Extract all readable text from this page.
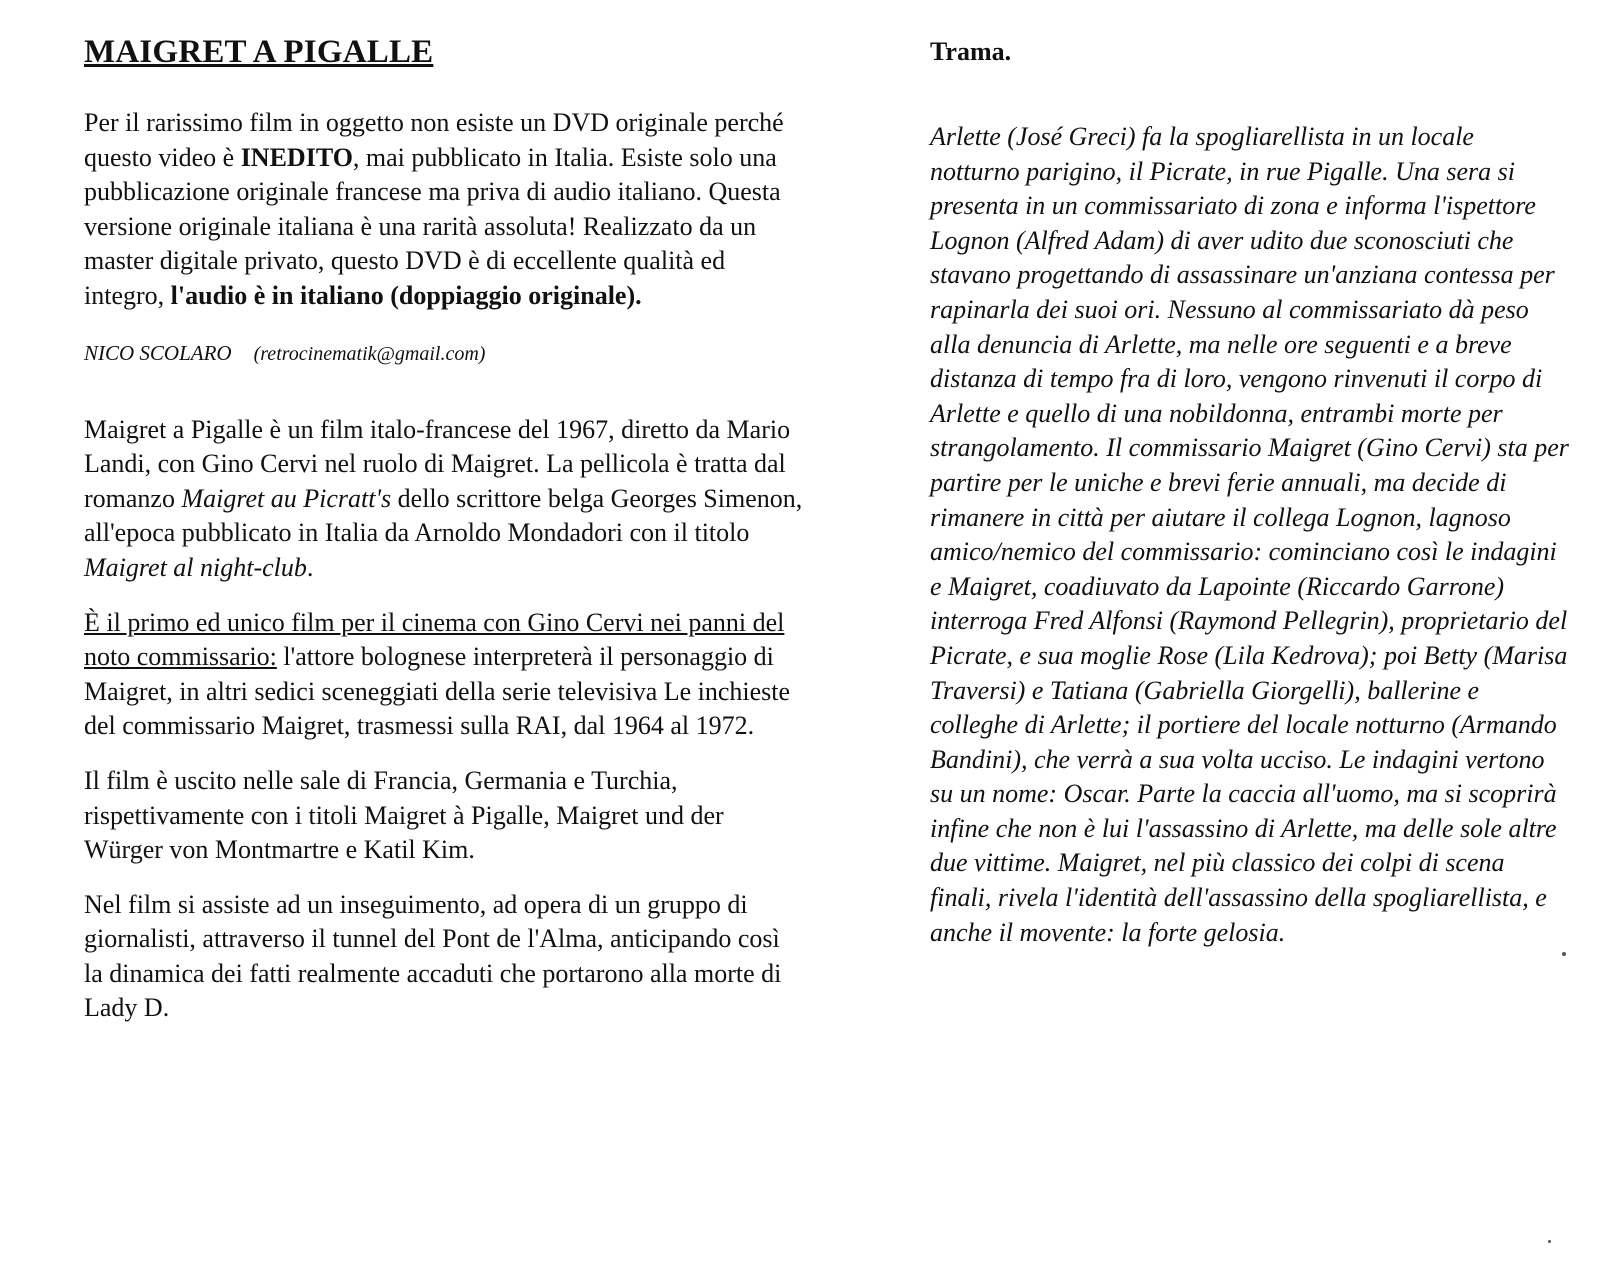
MAIGRET A PIGALLE

Per il rarissimo film in oggetto non esiste un DVD originale perché questo video è INEDITO, mai pubblicato in Italia. Esiste solo una pubblicazione originale francese ma priva di audio italiano. Questa versione originale italiana è una rarità assoluta! Realizzato da un master digitale privato, questo DVD è di eccellente qualità ed integro, l'audio è in italiano (doppiaggio originale).

NICO SCOLARO (retrocinematik@gmail.com)

Maigret a Pigalle è un film italo-francese del 1967, diretto da Mario Landi, con Gino Cervi nel ruolo di Maigret. La pellicola è tratta dal romanzo Maigret au Picratt's dello scrittore belga Georges Simenon, all'epoca pubblicato in Italia da Arnoldo Mondadori con il titolo Maigret al night-club.

È il primo ed unico film per il cinema con Gino Cervi nei panni del noto commissario: l'attore bolognese interpreterà il personaggio di Maigret, in altri sedici sceneggiati della serie televisiva Le inchieste del commissario Maigret, trasmessi sulla RAI, dal 1964 al 1972.

Il film è uscito nelle sale di Francia, Germania e Turchia, rispettivamente con i titoli Maigret à Pigalle, Maigret und der Würger von Montmartre e Katil Kim.

Nel film si assiste ad un inseguimento, ad opera di un gruppo di giornalisti, attraverso il tunnel del Pont de l'Alma, anticipando così la dinamica dei fatti realmente accaduti che portarono alla morte di Lady D.

Trama.

Arlette (José Greci) fa la spogliarellista in un locale notturno parigino, il Picrate, in rue Pigalle. Una sera si presenta in un commissariato di zona e informa l'ispettore Lognon (Alfred Adam) di aver udito due sconosciuti che stavano progettando di assassinare un'anziana contessa per rapinarla dei suoi ori. Nessuno al commissariato dà peso alla denuncia di Arlette, ma nelle ore seguenti e a breve distanza di tempo fra di loro, vengono rinvenuti il corpo di Arlette e quello di una nobildonna, entrambi morte per strangolamento. Il commissario Maigret (Gino Cervi) sta per partire per le uniche e brevi ferie annuali, ma decide di rimanere in città per aiutare il collega Lognon, lagnoso amico/nemico del commissario: cominciano così le indagini e Maigret, coadiuvato da Lapointe (Riccardo Garrone) interroga Fred Alfonsi (Raymond Pellegrin), proprietario del Picrate, e sua moglie Rose (Lila Kedrova); poi Betty (Marisa Traversi) e Tatiana (Gabriella Giorgelli), ballerine e colleghe di Arlette; il portiere del locale notturno (Armando Bandini), che verrà a sua volta ucciso. Le indagini vertono su un nome: Oscar. Parte la caccia all'uomo, ma si scoprirà infine che non è lui l'assassino di Arlette, ma delle sole altre due vittime. Maigret, nel più classico dei colpi di scena finali, rivela l'identità dell'assassino della spogliarellista, e anche il movente: la forte gelosia.
